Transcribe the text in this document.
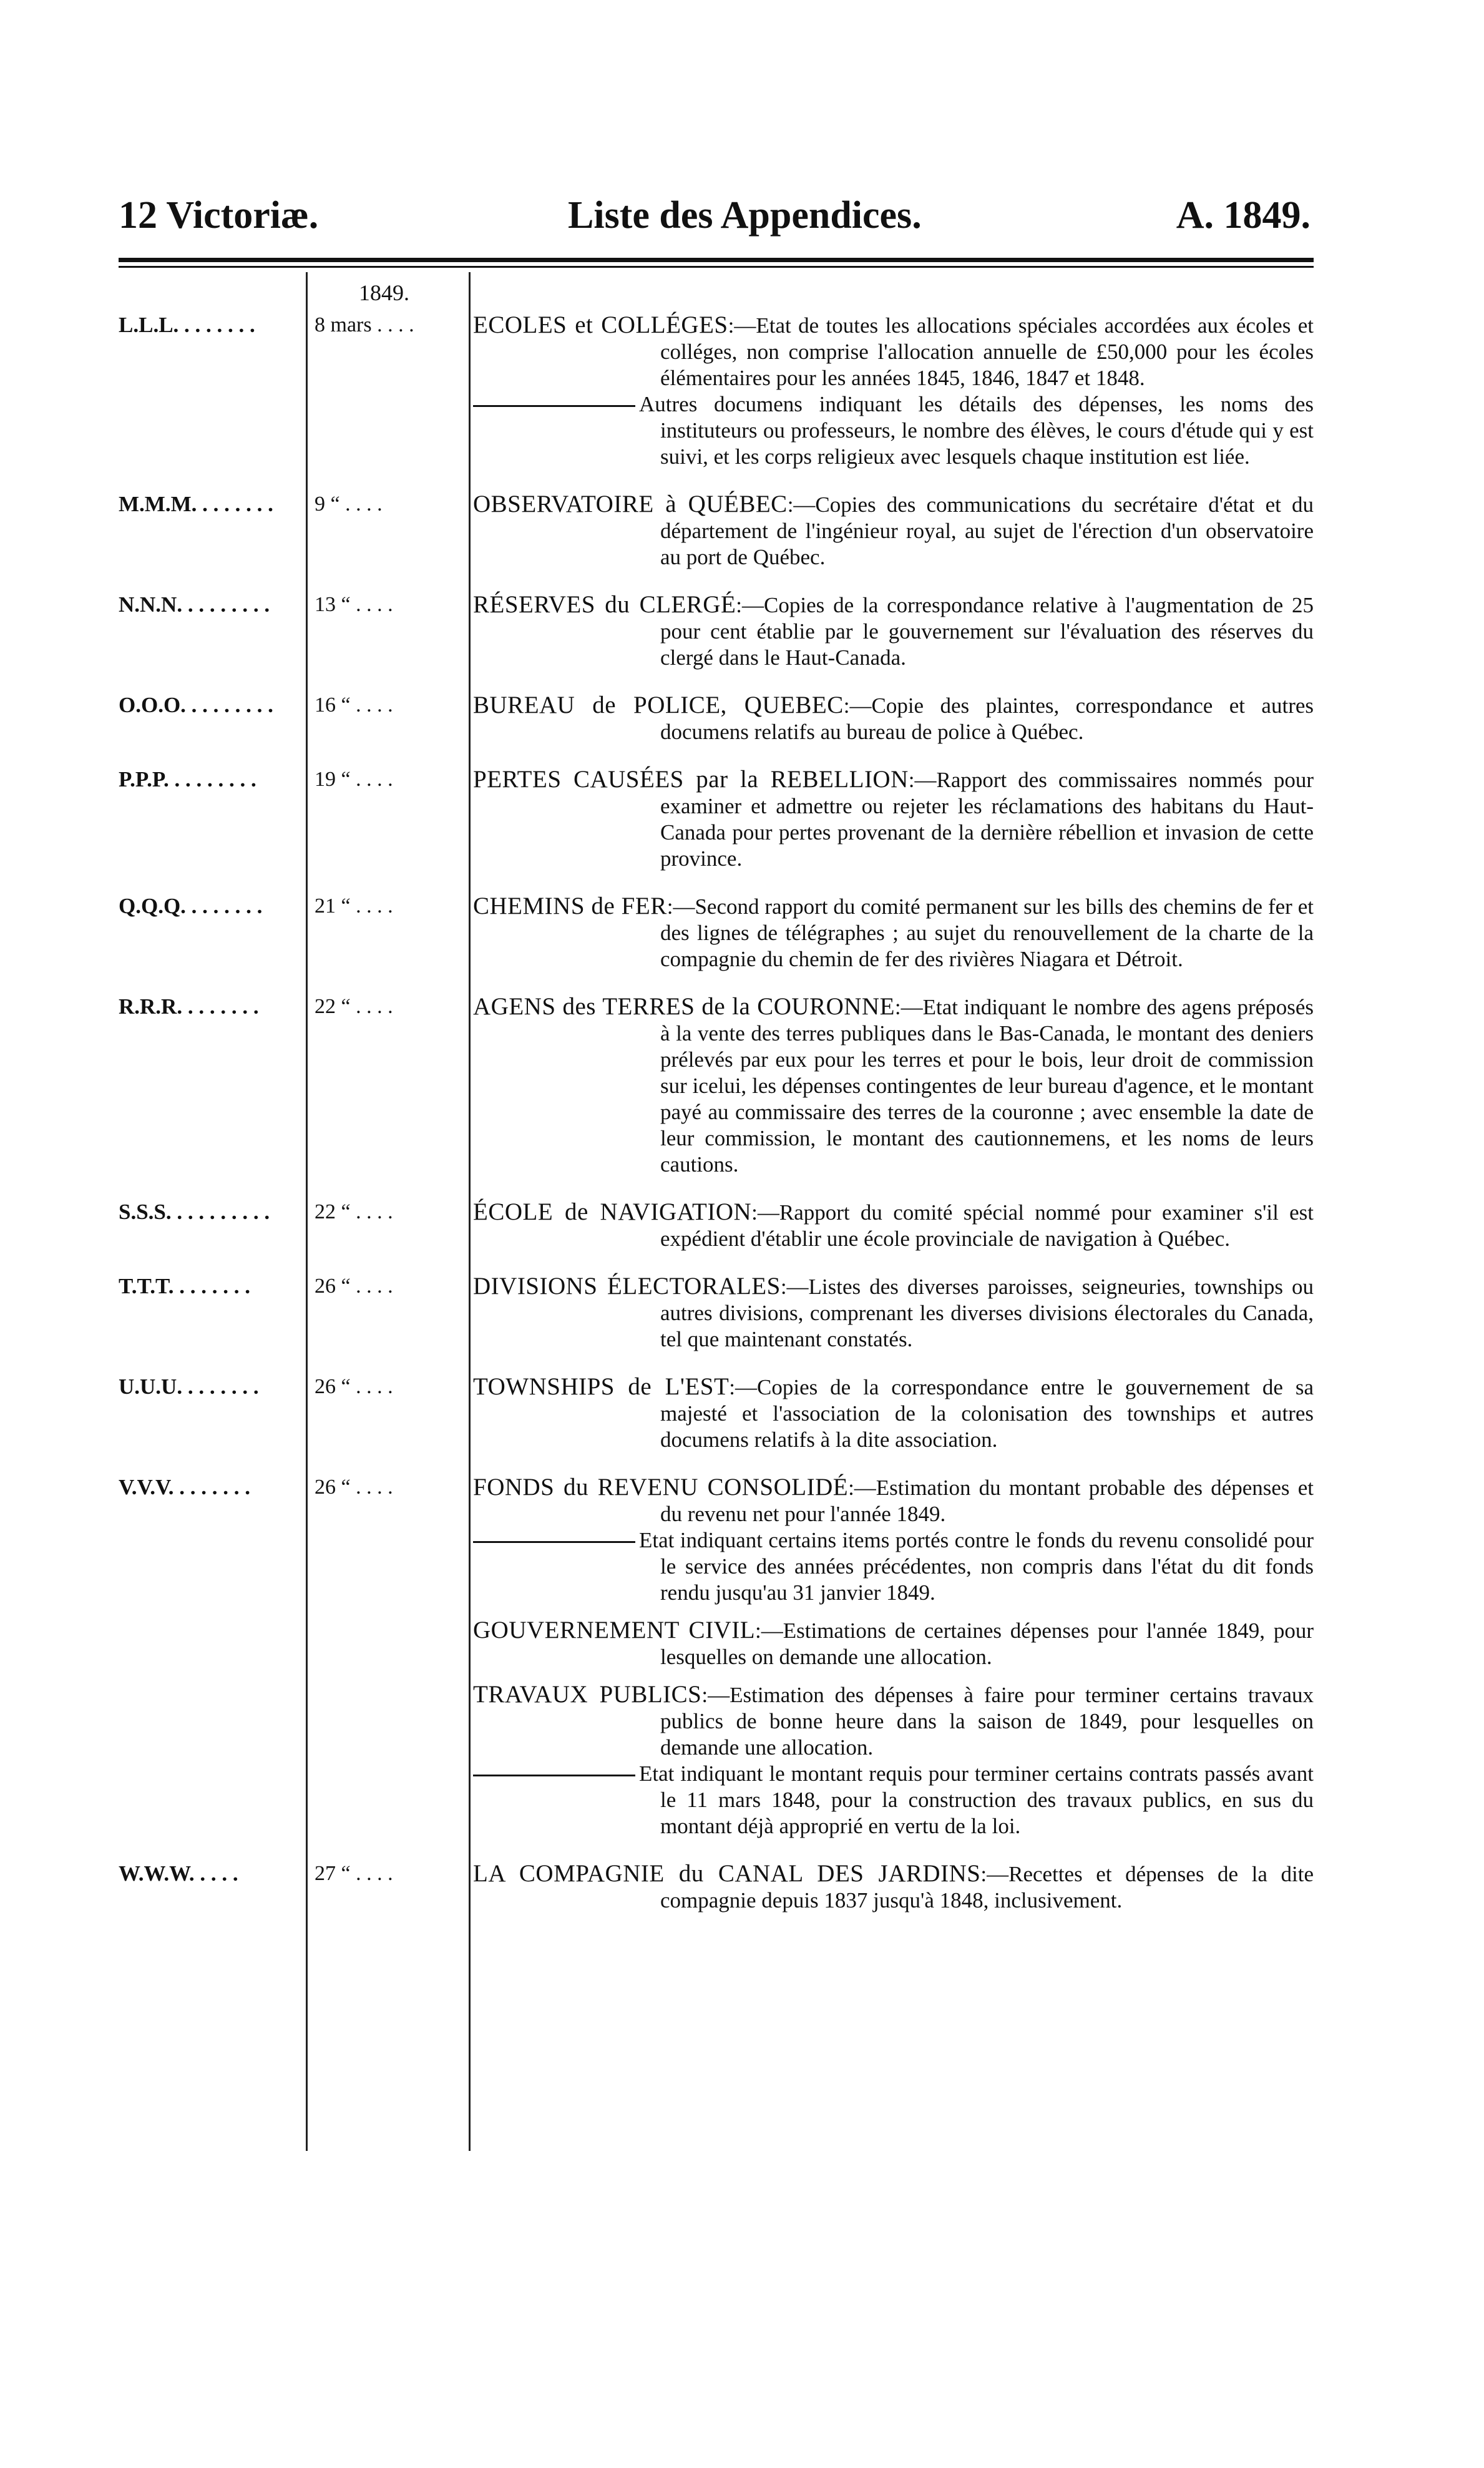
12 Victoriæ.	Liste des Appendices.	A. 1849.
1849.
L.L.L. . . . . . . .	8 mars . . . .	ECOLES et COLLÉGES:—Etat de toutes les allocations spéciales accordées aux écoles et colléges, non comprise l'allocation annuelle de £50,000 pour les écoles élémentaires pour les années 1845, 1846, 1847 et 1848.
Autres documens indiquant les détails des dépenses, les noms des instituteurs ou professeurs, le nombre des élèves, le cours d'étude qui y est suivi, et les corps religieux avec lesquels chaque institution est liée.
M.M.M. . . . . . . .	9 “ . . . .	OBSERVATOIRE à QUÉBEC:—Copies des communications du secrétaire d'état et du département de l'ingénieur royal, au sujet de l'érection d'un observatoire au port de Québec.
N.N.N. . . . . . . . .	13 “ . . . .	RÉSERVES du CLERGÉ:—Copies de la correspondance relative à l'augmentation de 25 pour cent établie par le gouvernement sur l'évaluation des réserves du clergé dans le Haut-Canada.
O.O.O. . . . . . . . .	16 “ . . . .	BUREAU de POLICE, QUEBEC:—Copie des plaintes, correspondance et autres documens relatifs au bureau de police à Québec.
P.P.P. . . . . . . . .	19 “ . . . .	PERTES CAUSÉES par la REBELLION:—Rapport des commissaires nommés pour examiner et admettre ou rejeter les réclamations des habitans du Haut-Canada pour pertes provenant de la dernière rébellion et invasion de cette province.
Q.Q.Q. . . . . . . .	21 “ . . . .	CHEMINS de FER:—Second rapport du comité permanent sur les bills des chemins de fer et des lignes de télégraphes ; au sujet du renouvellement de la charte de la compagnie du chemin de fer des rivières Niagara et Détroit.
R.R.R. . . . . . . .	22 “ . . . .	AGENS des TERRES de la COURONNE:—Etat indiquant le nombre des agens préposés à la vente des terres publiques dans le Bas-Canada, le montant des deniers prélevés par eux pour les terres et pour le bois, leur droit de commission sur icelui, les dépenses contingentes de leur bureau d'agence, et le montant payé au commissaire des terres de la couronne ; avec ensemble la date de leur commission, le montant des cautionnemens, et les noms de leurs cautions.
S.S.S. . . . . . . . . .	22 “ . . . .	ÉCOLE de NAVIGATION:—Rapport du comité spécial nommé pour examiner s'il est expédient d'établir une école provinciale de navigation à Québec.
T.T.T. . . . . . . .	26 “ . . . .	DIVISIONS ÉLECTORALES:—Listes des diverses paroisses, seigneuries, townships ou autres divisions, comprenant les diverses divisions électorales du Canada, tel que maintenant constatés.
U.U.U. . . . . . . .	26 “ . . . .	TOWNSHIPS de L'EST:—Copies de la correspondance entre le gouvernement de sa majesté et l'association de la colonisation des townships et autres documens relatifs à la dite association.
V.V.V. . . . . . . .	26 “ . . . .	FONDS du REVENU CONSOLIDÉ:—Estimation du montant probable des dépenses et du revenu net pour l'année 1849.
Etat indiquant certains items portés contre le fonds du revenu consolidé pour le service des années précédentes, non compris dans l'état du dit fonds rendu jusqu'au 31 janvier 1849.
GOUVERNEMENT CIVIL:—Estimations de certaines dépenses pour l'année 1849, pour lesquelles on demande une allocation.
TRAVAUX PUBLICS:—Estimation des dépenses à faire pour terminer certains travaux publics de bonne heure dans la saison de 1849, pour lesquelles on demande une allocation.
Etat indiquant le montant requis pour terminer certains contrats passés avant le 11 mars 1848, pour la construction des travaux publics, en sus du montant déjà approprié en vertu de la loi.
W.W.W. . . . .	27 “ . . . .	LA COMPAGNIE du CANAL DES JARDINS:—Recettes et dépenses de la dite compagnie depuis 1837 jusqu'à 1848, inclusivement.
